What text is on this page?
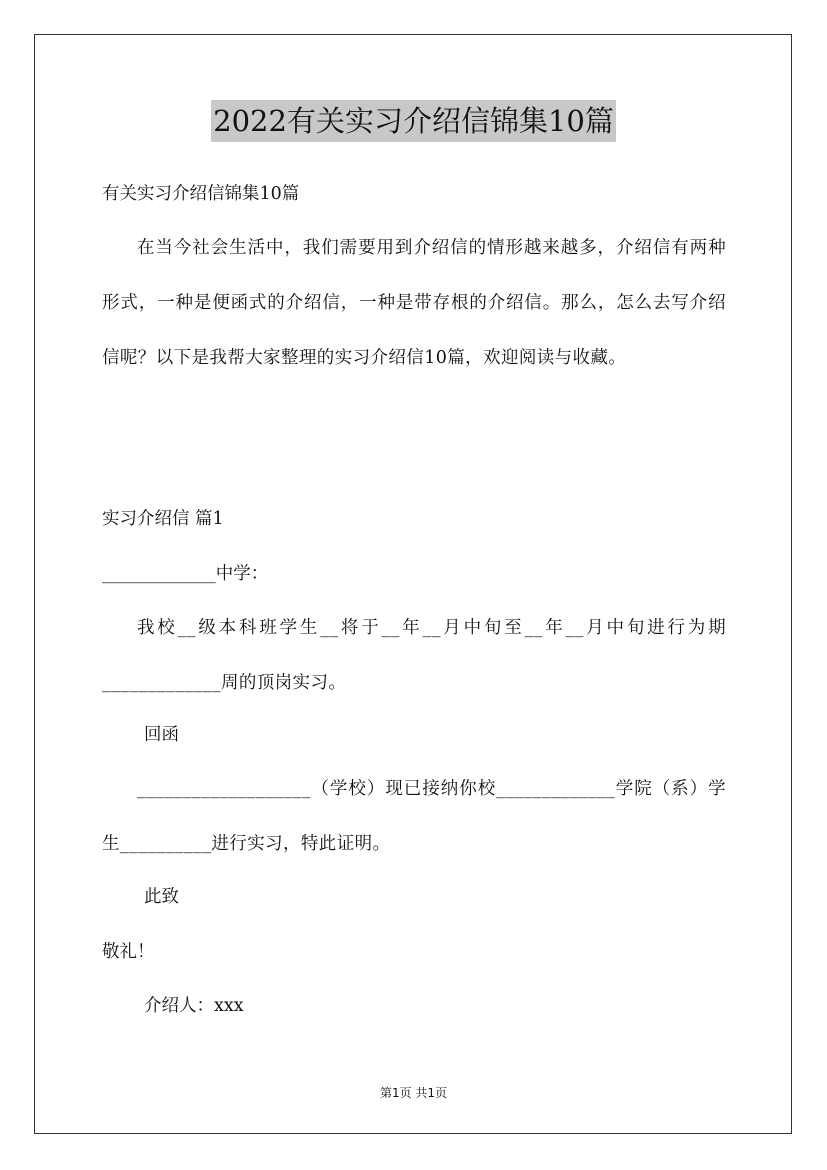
2022有关实习介绍信锦集10篇
有关实习介绍信锦集10篇
在当今社会生活中，我们需要用到介绍信的情形越来越多，介绍信有两种形式，一种是便函式的介绍信，一种是带存根的介绍信。那么，怎么去写介绍信呢？以下是我帮大家整理的实习介绍信10篇，欢迎阅读与收藏。
实习介绍信 篇1
_____________中学：
我校__级本科班学生__将于__年__月中旬至__年__月中旬进行为期_____________周的顶岗实习。
回函
___________________（学校）现已接纳你校_____________学院（系）学生__________进行实习，特此证明。
此致
敬礼！
介绍人：xxx
第1页 共1页
